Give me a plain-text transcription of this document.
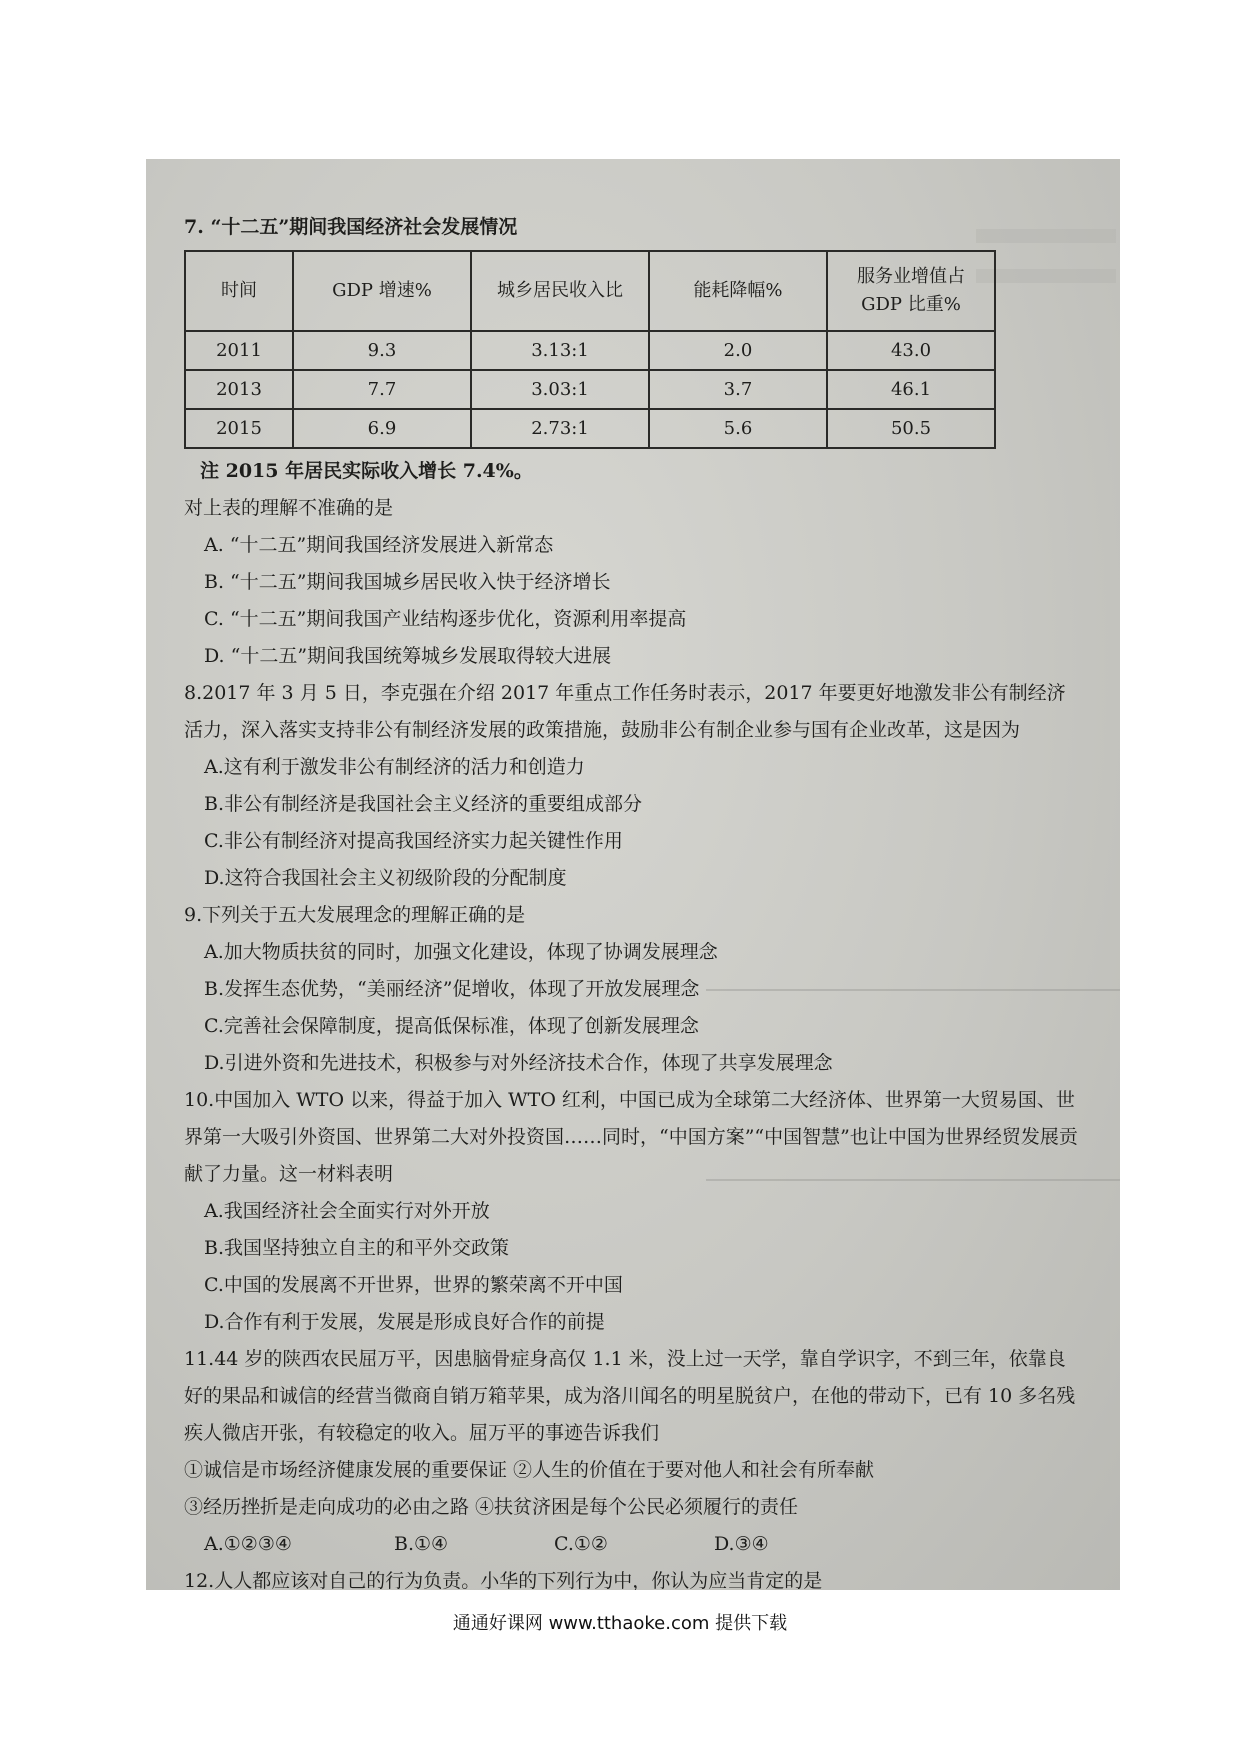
7. “十二五”期间我国经济社会发展情况

时间	GDP 增速%	城乡居民收入比	能耗降幅%	服务业增值占 GDP 比重%
2011	9.3	3.13:1	2.0	43.0
2013	7.7	3.03:1	3.7	46.1
2015	6.9	2.73:1	5.6	50.5

注 2015 年居民实际收入增长 7.4%。

对上表的理解不准确的是

A. “十二五”期间我国经济发展进入新常态

B. “十二五”期间我国城乡居民收入快于经济增长

C. “十二五”期间我国产业结构逐步优化，资源利用率提高

D. “十二五”期间我国统筹城乡发展取得较大进展

8.2017 年 3 月 5 日，李克强在介绍 2017 年重点工作任务时表示，2017 年要更好地激发非公有制经济活力，深入落实支持非公有制经济发展的政策措施，鼓励非公有制企业参与国有企业改革，这是因为

A.这有利于激发非公有制经济的活力和创造力

B.非公有制经济是我国社会主义经济的重要组成部分

C.非公有制经济对提高我国经济实力起关键性作用

D.这符合我国社会主义初级阶段的分配制度

9.下列关于五大发展理念的理解正确的是

A.加大物质扶贫的同时，加强文化建设，体现了协调发展理念

B.发挥生态优势，“美丽经济”促增收，体现了开放发展理念

C.完善社会保障制度，提高低保标准，体现了创新发展理念

D.引进外资和先进技术，积极参与对外经济技术合作，体现了共享发展理念

10.中国加入 WTO 以来，得益于加入 WTO 红利，中国已成为全球第二大经济体、世界第一大贸易国、世界第一大吸引外资国、世界第二大对外投资国……同时，“中国方案”“中国智慧”也让中国为世界经贸发展贡献了力量。这一材料表明

A.我国经济社会全面实行对外开放

B.我国坚持独立自主的和平外交政策

C.中国的发展离不开世界，世界的繁荣离不开中国

D.合作有利于发展，发展是形成良好合作的前提

11.44 岁的陕西农民屈万平，因患脑骨症身高仅 1.1 米，没上过一天学，靠自学识字，不到三年，依靠良好的果品和诚信的经营当微商自销万箱苹果，成为洛川闻名的明星脱贫户，在他的带动下，已有 10 多名残疾人微店开张，有较稳定的收入。屈万平的事迹告诉我们

①诚信是市场经济健康发展的重要保证 ②人生的价值在于要对他人和社会有所奉献

③经历挫折是走向成功的必由之路 ④扶贫济困是每个公民必须履行的责任

A.①②③④	B.①④	C.①②	D.③④

12.人人都应该对自己的行为负责。小华的下列行为中，你认为应当肯定的是

通通好课网 www.tthaoke.com 提供下载
